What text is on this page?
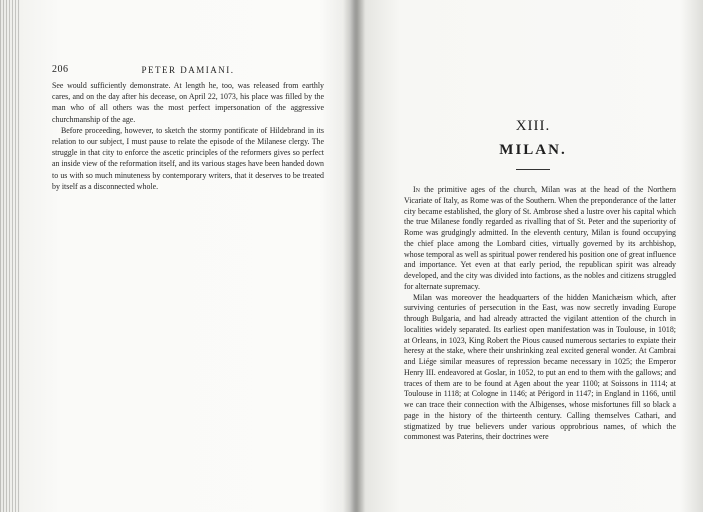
206	PETER DAMIANI.

See would sufficiently demonstrate. At length he, too, was released from earthly cares, and on the day after his decease, on April 22, 1073, his place was filled by the man who of all others was the most perfect impersonation of the aggressive churchmanship of the age.

Before proceeding, however, to sketch the stormy pontificate of Hildebrand in its relation to our subject, I must pause to relate the episode of the Milanese clergy. The struggle in that city to enforce the ascetic principles of the reformers gives so perfect an inside view of the reformation itself, and its various stages have been handed down to us with so much minuteness by contemporary writers, that it deserves to be treated by itself as a disconnected whole.

XIII.
MILAN.

In the primitive ages of the church, Milan was at the head of the Northern Vicariate of Italy, as Rome was of the Southern. When the preponderance of the latter city became established, the glory of St. Ambrose shed a lustre over his capital which the true Milanese fondly regarded as rivalling that of St. Peter and the superiority of Rome was grudgingly admitted. In the eleventh century, Milan is found occupying the chief place among the Lombard cities, virtually governed by its archbishop, whose temporal as well as spiritual power rendered his position one of great influence and importance. Yet even at that early period, the republican spirit was already developed, and the city was divided into factions, as the nobles and citizens struggled for alternate supremacy.

Milan was moreover the headquarters of the hidden Manichæism which, after surviving centuries of persecution in the East, was now secretly invading Europe through Bulgaria, and had already attracted the vigilant attention of the church in localities widely separated. Its earliest open manifestation was in Toulouse, in 1018; at Orleans, in 1023, King Robert the Pious caused numerous sectaries to expiate their heresy at the stake, where their unshrinking zeal excited general wonder. At Cambrai and Liége similar measures of repression became necessary in 1025; the Emperor Henry III. endeavored at Goslar, in 1052, to put an end to them with the gallows; and traces of them are to be found at Agen about the year 1100; at Soissons in 1114; at Toulouse in 1118; at Cologne in 1146; at Périgord in 1147; in England in 1166, until we can trace their connection with the Albigenses, whose misfortunes fill so black a page in the history of the thirteenth century. Calling themselves Cathari, and stigmatized by true believers under various opprobrious names, of which the commonest was Paterins, their doctrines were
